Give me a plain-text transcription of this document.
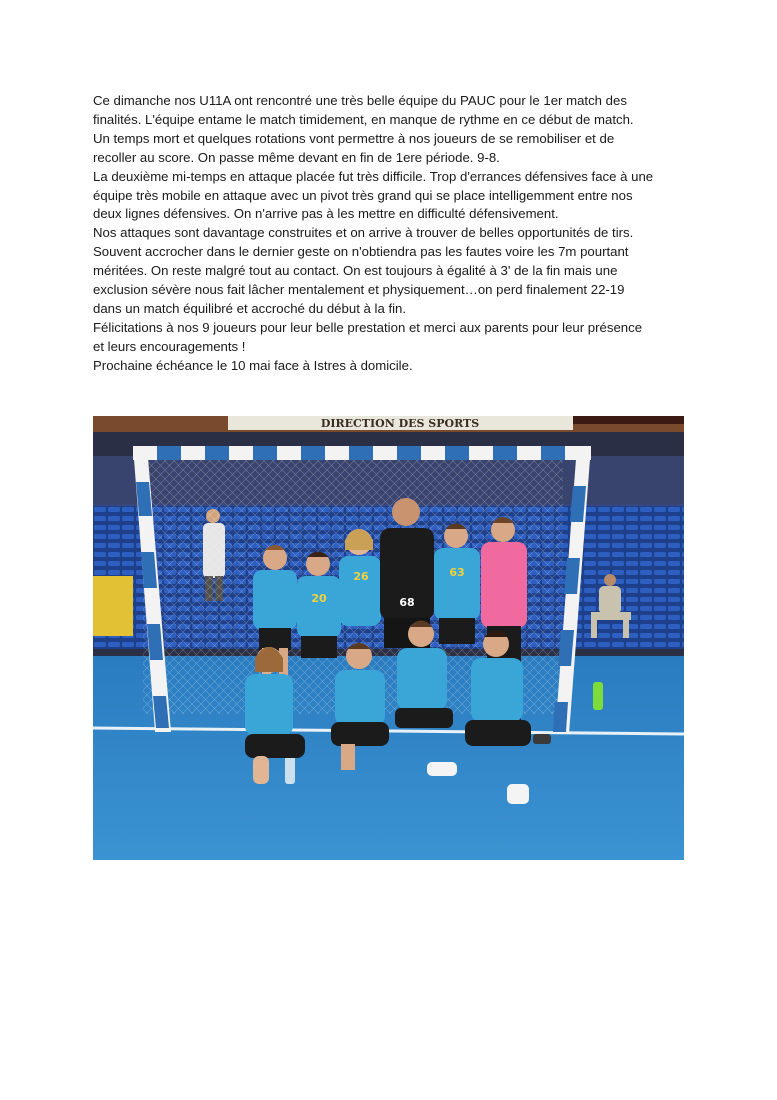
Ce dimanche nos U11A ont rencontré une très belle équipe du PAUC pour le 1er match des

finalités. L'équipe entame le match timidement, en manque de rythme en ce début de match.

Un temps mort et quelques rotations vont permettre à nos joueurs de se remobiliser et de

recoller au score. On passe même devant en fin de 1ere période. 9-8.

La deuxième mi-temps en attaque placée fut très difficile. Trop d'errances défensives face à une

équipe très mobile en attaque avec un pivot très grand qui se place intelligemment entre nos

deux lignes défensives. On n'arrive pas à les mettre en difficulté défensivement.

Nos attaques sont davantage construites et on arrive à trouver de belles opportunités de tirs.

Souvent accrocher dans le dernier geste on n'obtiendra pas les fautes voire les 7m pourtant

méritées. On reste malgré tout au contact. On est toujours à égalité à 3' de la fin mais une

exclusion sévère nous fait lâcher mentalement et physiquement…on perd finalement 22-19

dans un match équilibré et accroché du début à la fin.

Félicitations à nos 9 joueurs pour leur belle prestation et merci aux parents pour leur présence

et leurs encouragements !

Prochaine échéance le 10 mai face à Istres à domicile.

DIRECTION DES SPORTS
20
26
68
63
